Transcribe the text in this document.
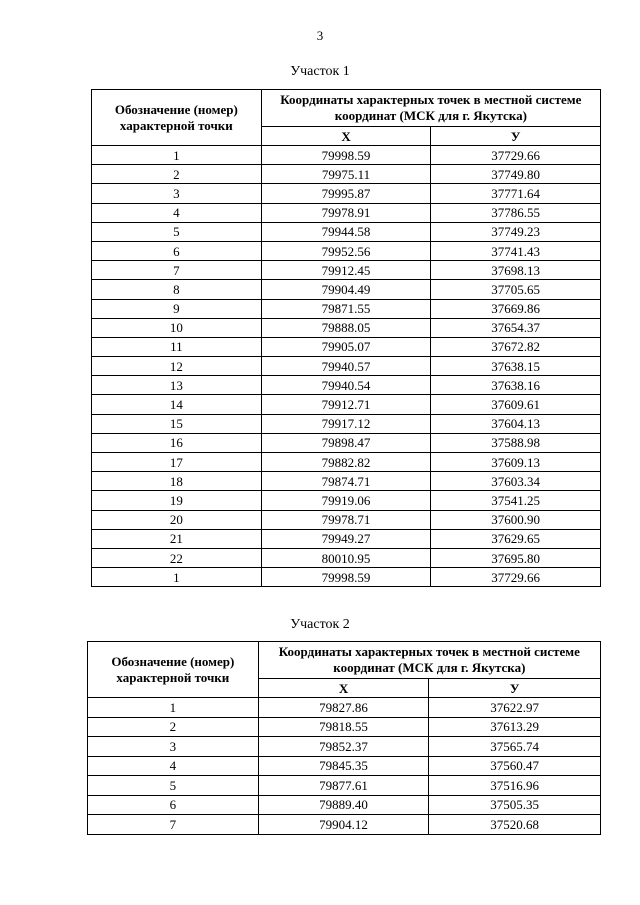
3
Участок 1
Обозначение (номер) характерной точки	Координаты характерных точек в местной системе координат (МСК для г. Якутска)	
	X	У
1	79998.59	37729.66
2	79975.11	37749.80
3	79995.87	37771.64
4	79978.91	37786.55
5	79944.58	37749.23
6	79952.56	37741.43
7	79912.45	37698.13
8	79904.49	37705.65
9	79871.55	37669.86
10	79888.05	37654.37
11	79905.07	37672.82
12	79940.57	37638.15
13	79940.54	37638.16
14	79912.71	37609.61
15	79917.12	37604.13
16	79898.47	37588.98
17	79882.82	37609.13
18	79874.71	37603.34
19	79919.06	37541.25
20	79978.71	37600.90
21	79949.27	37629.65
22	80010.95	37695.80
1	79998.59	37729.66
Участок 2
Обозначение (номер) характерной точки	Координаты характерных точек в местной системе координат (МСК для г. Якутска)	
	X	У
1	79827.86	37622.97
2	79818.55	37613.29
3	79852.37	37565.74
4	79845.35	37560.47
5	79877.61	37516.96
6	79889.40	37505.35
7	79904.12	37520.68
